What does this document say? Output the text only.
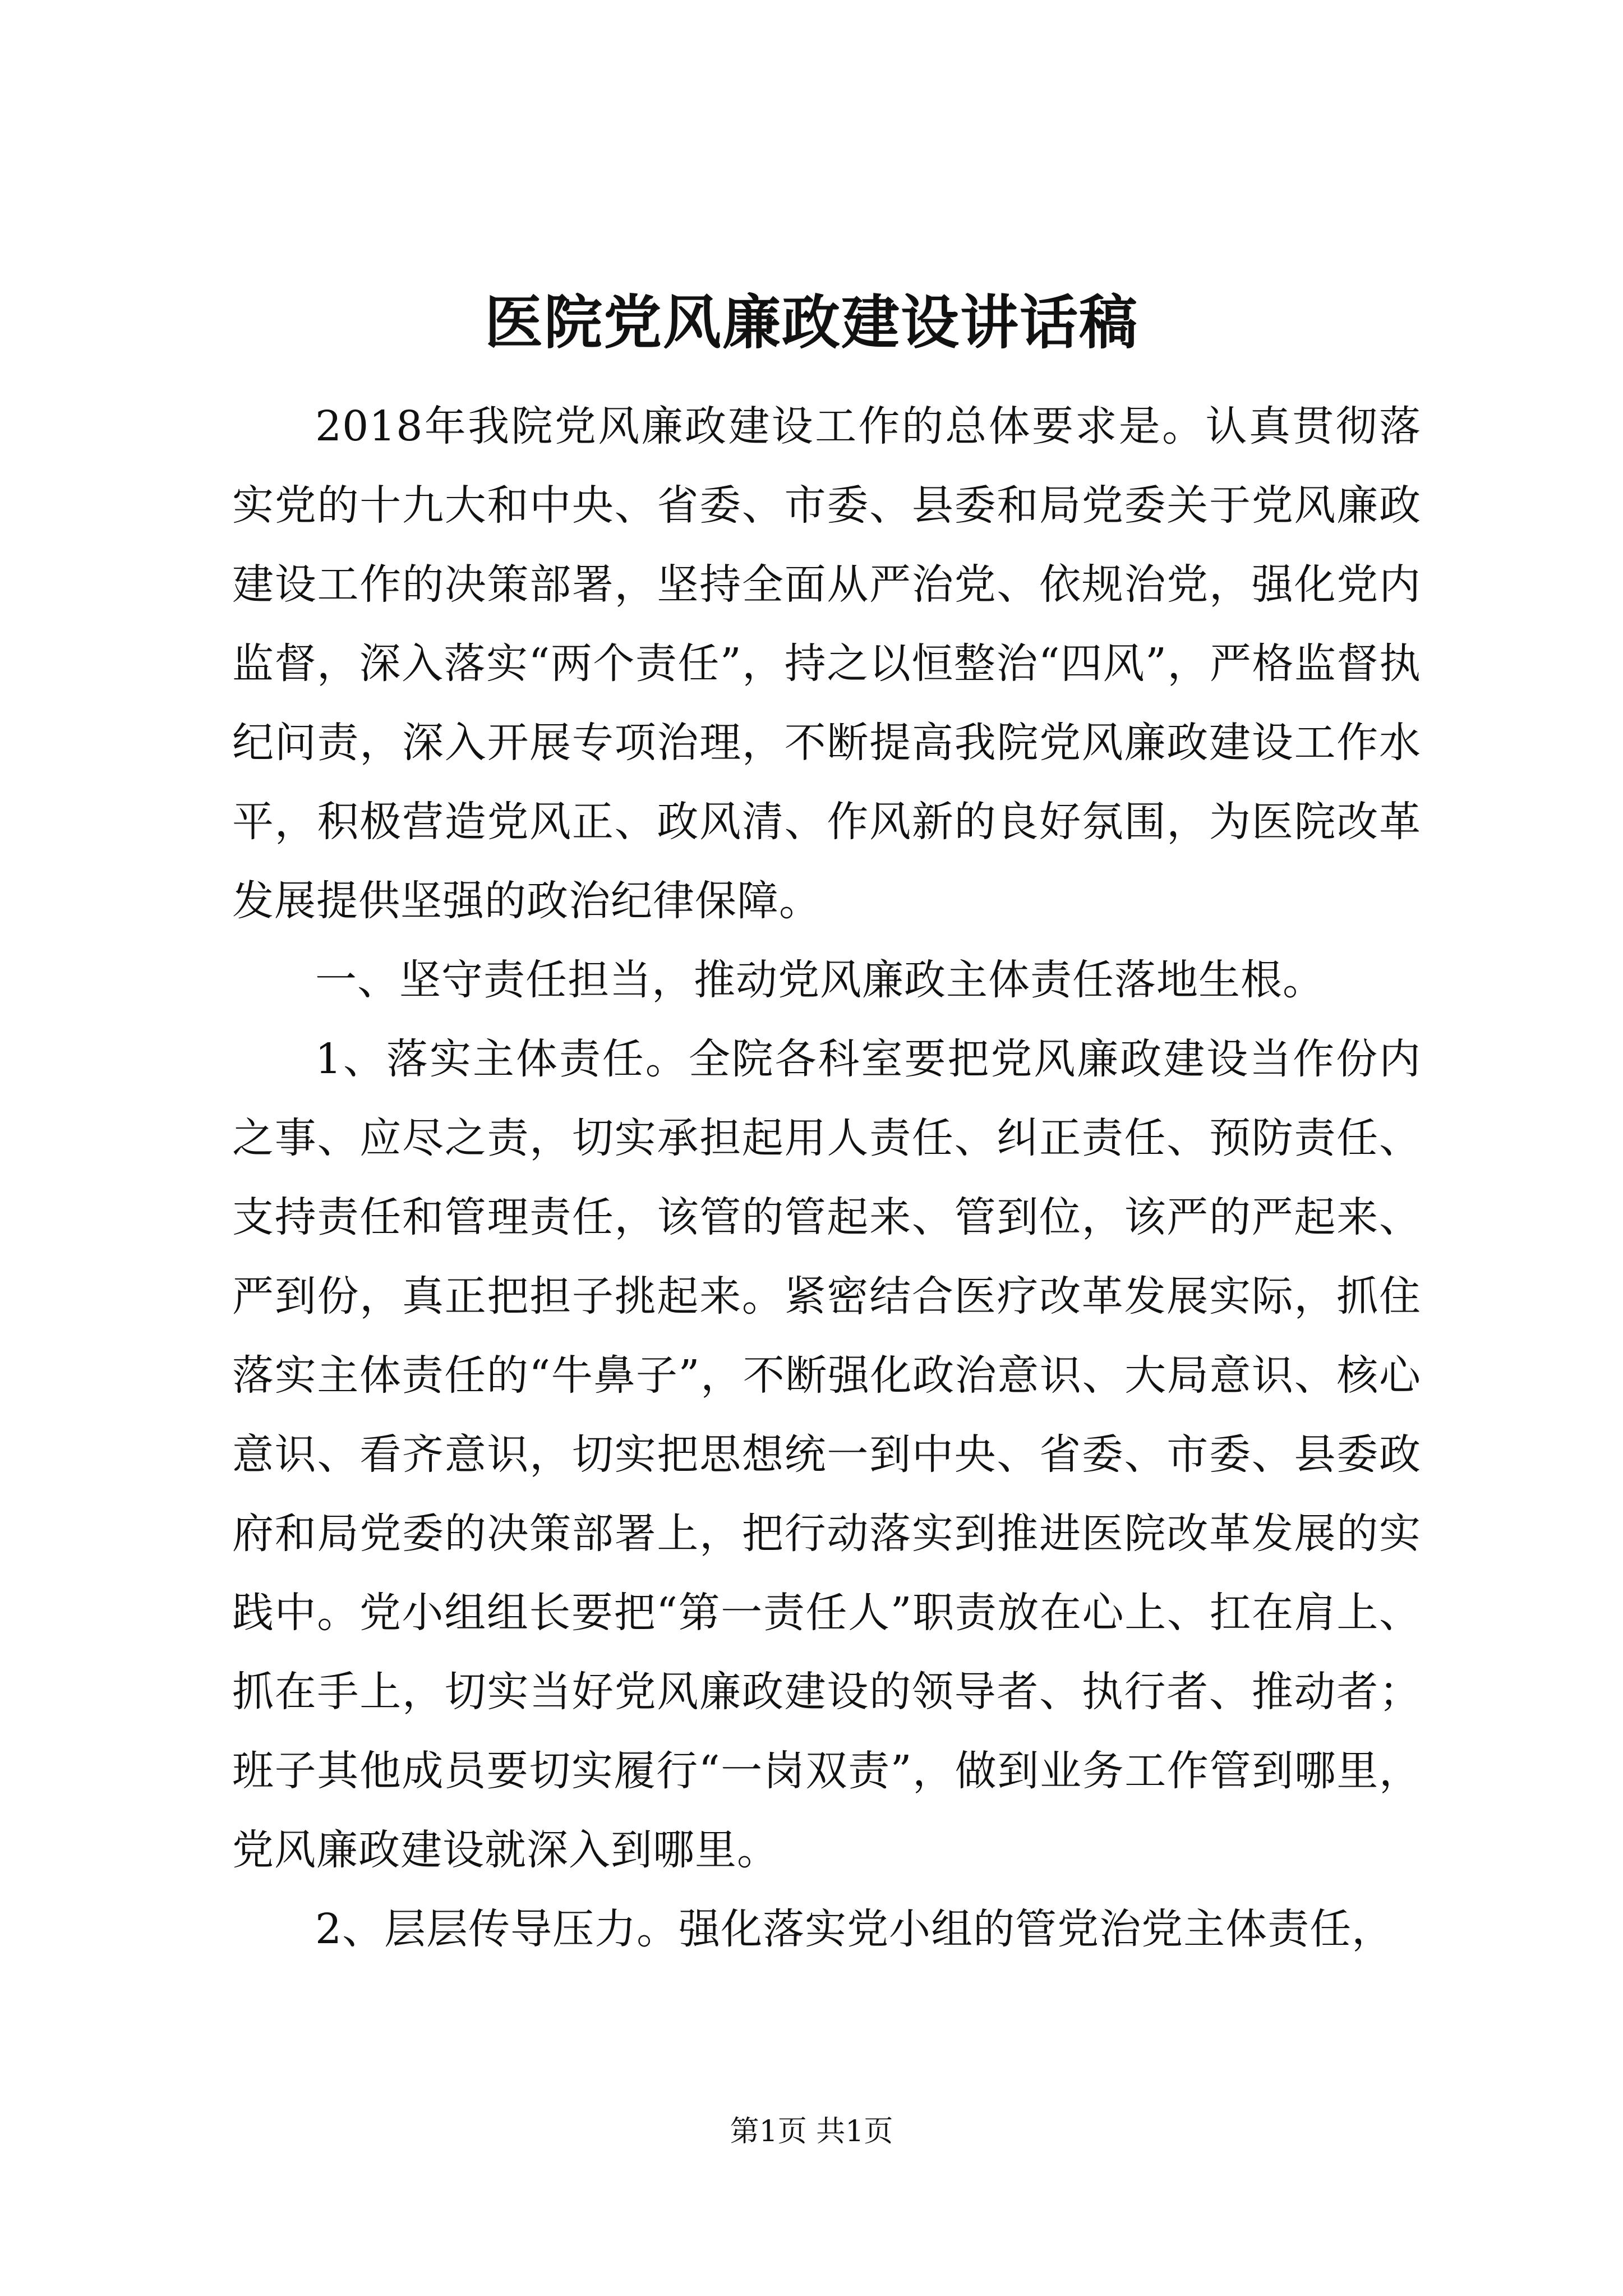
医院党风廉政建设讲话稿

2018年我院党风廉政建设工作的总体要求是。认真贯彻落实党的十九大和中央、省委、市委、县委和局党委关于党风廉政建设工作的决策部署，坚持全面从严治党、依规治党，强化党内监督，深入落实“两个责任”，持之以恒整治“四风”，严格监督执纪问责，深入开展专项治理，不断提高我院党风廉政建设工作水平，积极营造党风正、政风清、作风新的良好氛围，为医院改革发展提供坚强的政治纪律保障。

一、坚守责任担当，推动党风廉政主体责任落地生根。

1、落实主体责任。全院各科室要把党风廉政建设当作份内之事、应尽之责，切实承担起用人责任、纠正责任、预防责任、支持责任和管理责任，该管的管起来、管到位，该严的严起来、严到份，真正把担子挑起来。紧密结合医疗改革发展实际，抓住落实主体责任的“牛鼻子”，不断强化政治意识、大局意识、核心意识、看齐意识，切实把思想统一到中央、省委、市委、县委政府和局党委的决策部署上，把行动落实到推进医院改革发展的实践中。党小组组长要把“第一责任人”职责放在心上、扛在肩上、抓在手上，切实当好党风廉政建设的领导者、执行者、推动者；班子其他成员要切实履行“一岗双责”，做到业务工作管到哪里，党风廉政建设就深入到哪里。

2、层层传导压力。强化落实党小组的管党治党主体责任，

第1页 共1页
